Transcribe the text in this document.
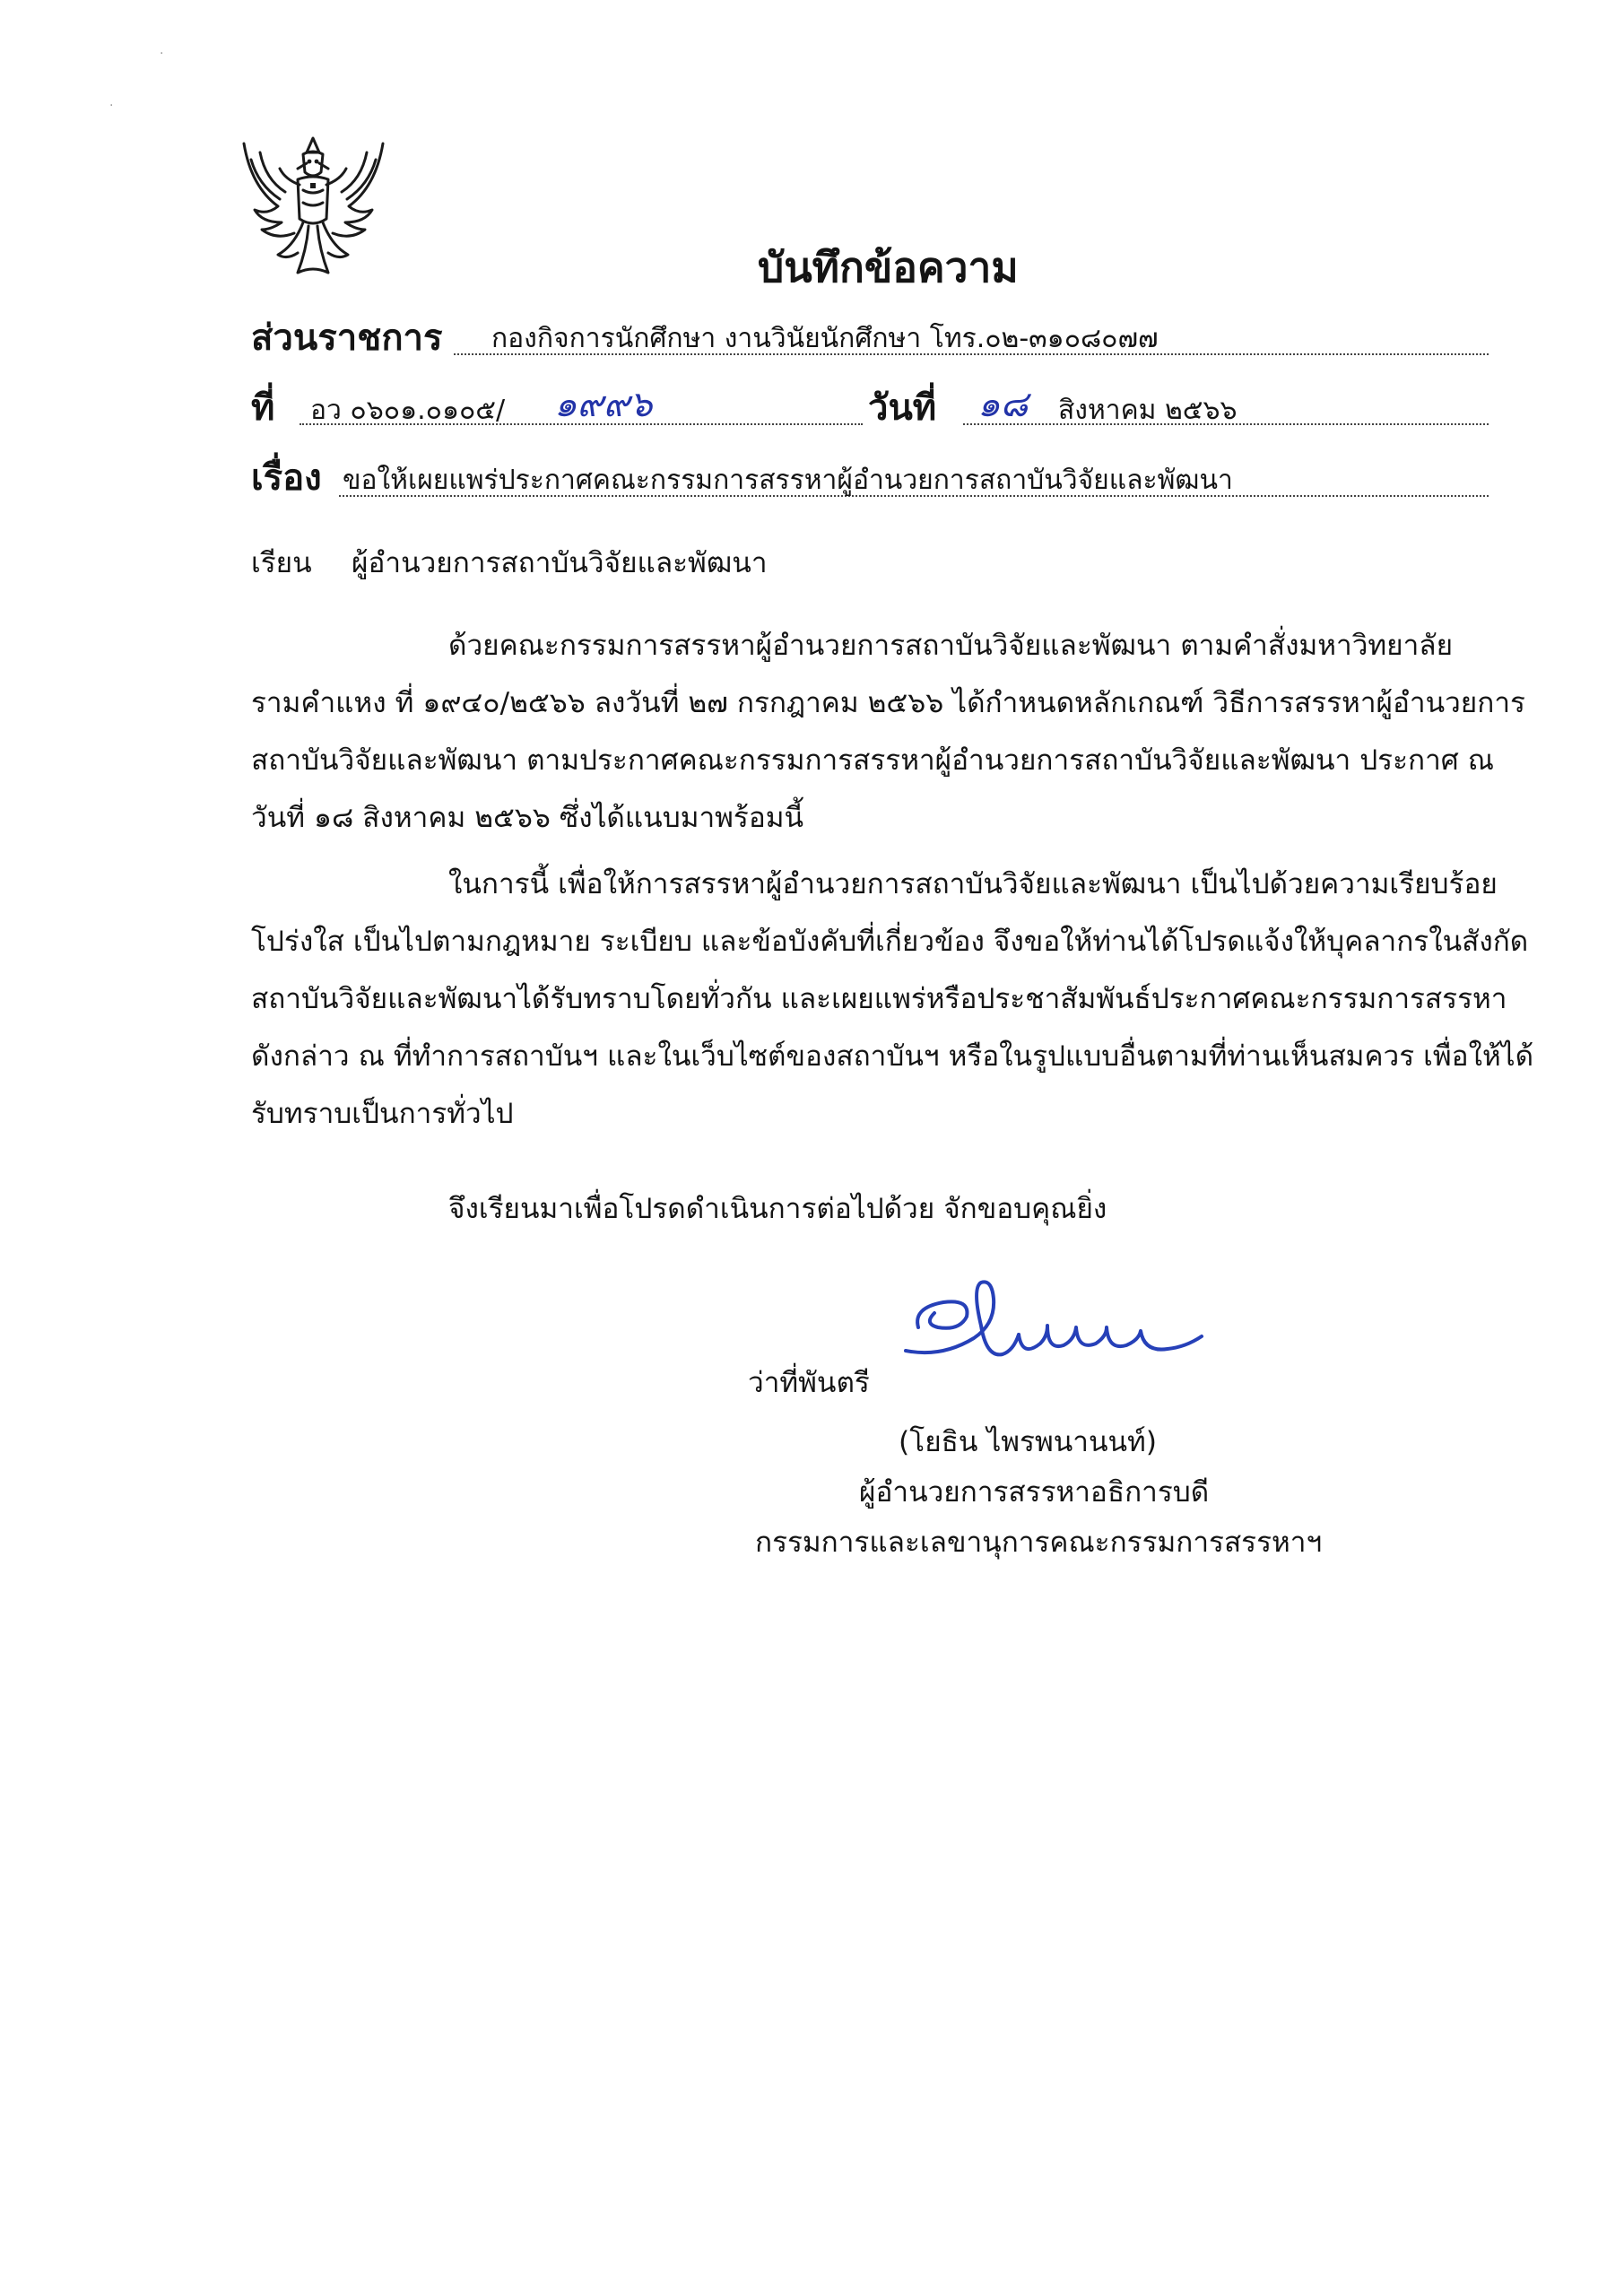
·
·
บันทึกข้อความ
ส่วนราชการ กองกิจการนักศึกษา งานวินัยนักศึกษา โทร.๐๒-๓๑๐๘๐๗๗
ที่ อว ๐๖๐๑.๐๑๐๕/ ๑๙๙๖	วันที่ ๑๘ สิงหาคม ๒๕๖๖
เรื่อง ขอให้เผยแพร่ประกาศคณะกรรมการสรรหาผู้อำนวยการสถาบันวิจัยและพัฒนา
เรียน ผู้อำนวยการสถาบันวิจัยและพัฒนา
ด้วยคณะกรรมการสรรหาผู้อำนวยการสถาบันวิจัยและพัฒนา ตามคำสั่งมหาวิทยาลัย
รามคำแหง ที่ ๑๙๔๐/๒๕๖๖ ลงวันที่ ๒๗ กรกฎาคม ๒๕๖๖ ได้กำหนดหลักเกณฑ์ วิธีการสรรหาผู้อำนวยการ
สถาบันวิจัยและพัฒนา ตามประกาศคณะกรรมการสรรหาผู้อำนวยการสถาบันวิจัยและพัฒนา ประกาศ ณ
วันที่ ๑๘ สิงหาคม ๒๕๖๖ ซึ่งได้แนบมาพร้อมนี้
ในการนี้ เพื่อให้การสรรหาผู้อำนวยการสถาบันวิจัยและพัฒนา เป็นไปด้วยความเรียบร้อย
โปร่งใส เป็นไปตามกฎหมาย ระเบียบ และข้อบังคับที่เกี่ยวข้อง จึงขอให้ท่านได้โปรดแจ้งให้บุคลากรในสังกัด
สถาบันวิจัยและพัฒนาได้รับทราบโดยทั่วกัน และเผยแพร่หรือประชาสัมพันธ์ประกาศคณะกรรมการสรรหา
ดังกล่าว ณ ที่ทำการสถาบันฯ และในเว็บไซต์ของสถาบันฯ หรือในรูปแบบอื่นตามที่ท่านเห็นสมควร เพื่อให้ได้
รับทราบเป็นการทั่วไป
จึงเรียนมาเพื่อโปรดดำเนินการต่อไปด้วย จักขอบคุณยิ่ง
ว่าที่พันตรี
(โยธิน ไพรพนานนท์)
ผู้อำนวยการสรรหาอธิการบดี
กรรมการและเลขานุการคณะกรรมการสรรหาฯ
